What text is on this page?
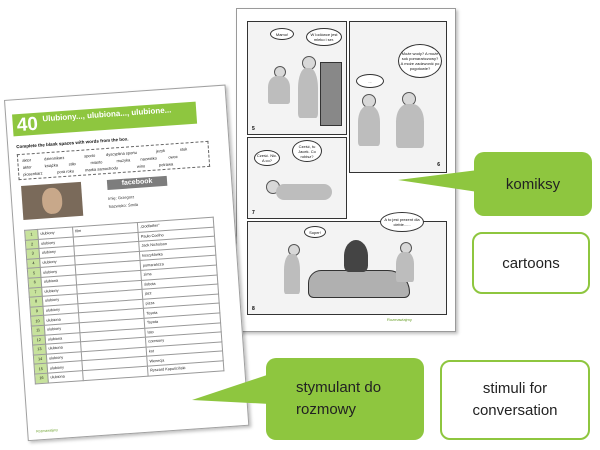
Mamo!	W lodówce jest mleko i ser.
5
Może wody? A może sok pomarańczowy? A może zadzwonić po pogotowie?
...
6
Cześć, tu Jacek. Co robisz?
Cześć. Nic. A co?
7
Super!
A to jest prezent dla ciebie......
8
Rozmawiajmy
40 Ulubiony..., ulubiona..., ulubione...
Complete the blank spaces with words from the box.
aktor	dziennikarz	sporto	dyscyplina sportu	jezyk	stuk
aktor	książka	stiło	miasto	muzyka nazwisko	owoc
piosenkarz	pora roku	marka samochodu	wino	potrawa
facebook
Imię: Grzegorz
Nazwisko: Śmila
1	ulubiony	film	„Godfather”
2	ulubiony		Paulo Coelho
3	ulubiony		Jack Nicholson
4	ulubiony		koszykówka
5	ulubiony		pomarańcza
6	ulubiona		zima
7	ulubiony		śobota
8	ulubiony		jazz
9	ulubiony		pizza
10	ulubiona		Toyota
11	ulubiony		Toyota
12	ulubiona		lato
13	ulubiona		czerwony
14	ulubiony		kot
15	ulubiony		Wenecja
16	ulubiona		Ryszard Kapuściński
Rozmawiajmy
komiksy
cartoons
stymulant do rozmowy
stimuli for conversation
